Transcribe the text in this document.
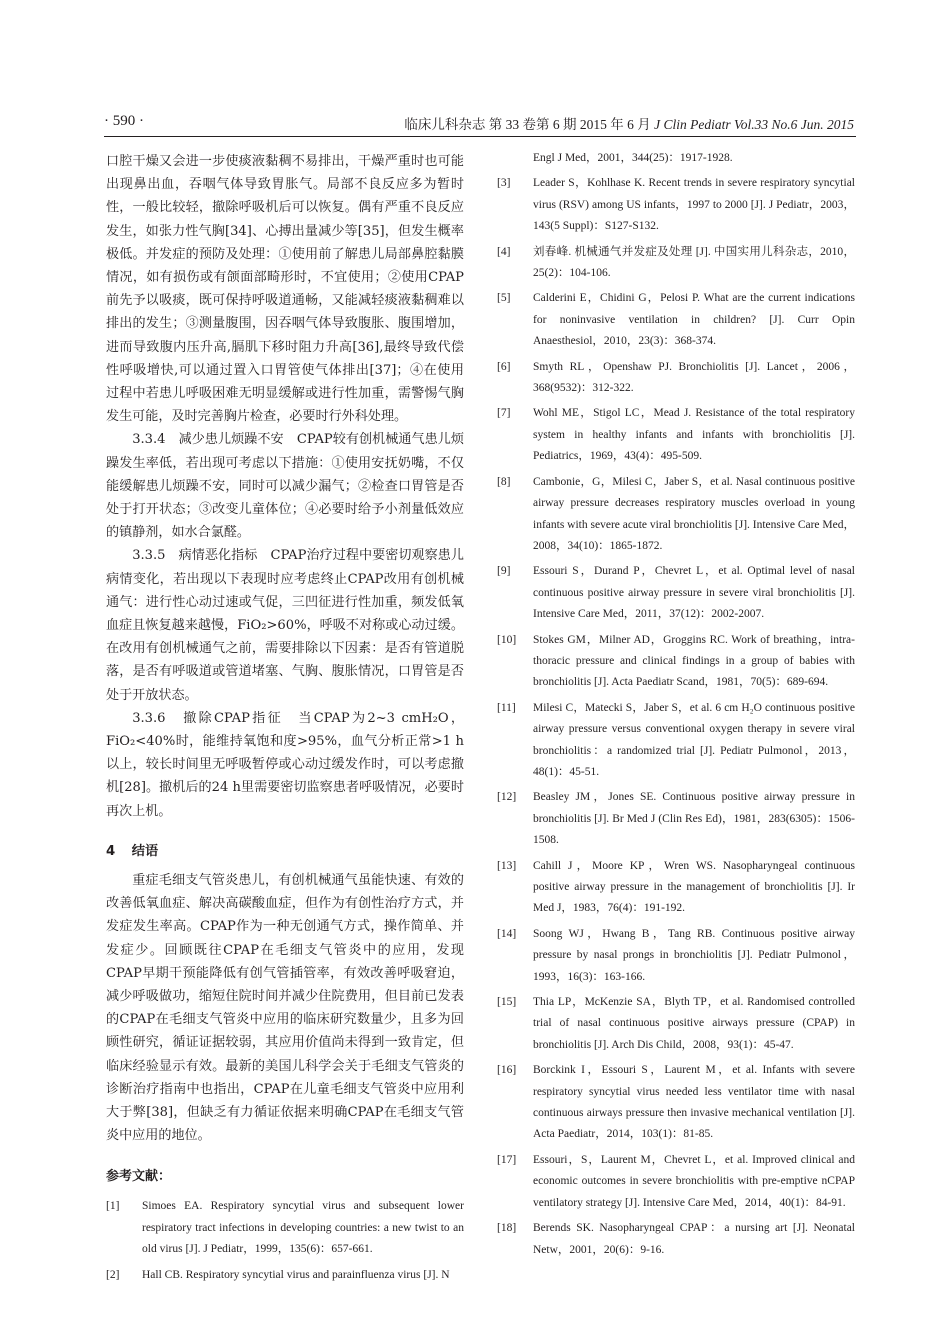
· 590 ·	临床儿科杂志 第 33 卷第 6 期 2015 年 6 月 J Clin Pediatr Vol.33 No.6 Jun. 2015

口腔干燥又会进一步使痰液黏稠不易排出，干燥严重时也可能出现鼻出血，吞咽气体导致胃胀气。局部不良反应多为暂时性，一般比较轻，撤除呼吸机后可以恢复。偶有严重不良反应发生，如张力性气胸[34]、心搏出量减少等[35]，但发生概率极低。并发症的预防及处理：①使用前了解患儿局部鼻腔黏膜情况，如有损伤或有颌面部畸形时，不宜使用；②使用CPAP前先予以吸痰，既可保持呼吸道通畅，又能减轻痰液黏稠难以排出的发生；③测量腹围，因吞咽气体导致腹胀、腹围增加，进而导致腹内压升高,膈肌下移时阻力升高[36],最终导致代偿性呼吸增快,可以通过置入口胃管使气体排出[37]；④在使用过程中若患儿呼吸困难无明显缓解或进行性加重，需警惕气胸发生可能，及时完善胸片检查，必要时行外科处理。

3.3.4　减少患儿烦躁不安　CPAP较有创机械通气患儿烦躁发生率低，若出现可考虑以下措施：①使用安抚奶嘴，不仅能缓解患儿烦躁不安，同时可以减少漏气；②检查口胃管是否处于打开状态；③改变儿童体位；④必要时给予小剂量低效应的镇静剂，如水合氯醛。

3.3.5　病情恶化指标　CPAP治疗过程中要密切观察患儿病情变化，若出现以下表现时应考虑终止CPAP改用有创机械通气：进行性心动过速或气促，三凹征进行性加重，频发低氧血症且恢复越来越慢，FiO₂>60%，呼吸不对称或心动过缓。在改用有创机械通气之前，需要排除以下因素：是否有管道脱落，是否有呼吸道或管道堵塞、气胸、腹胀情况，口胃管是否处于开放状态。

3.3.6　撤除CPAP指征　当CPAP为2~3 cmH₂O，FiO₂<40%时，能维持氧饱和度>95%，血气分析正常>1 h以上，较长时间里无呼吸暂停或心动过缓发作时，可以考虑撤机[28]。撤机后的24 h里需要密切监察患者呼吸情况，必要时再次上机。

4 结语

重症毛细支气管炎患儿，有创机械通气虽能快速、有效的改善低氧血症、解决高碳酸血症，但作为有创性治疗方式，并发症发生率高。CPAP作为一种无创通气方式，操作简单、并发症少。回顾既往CPAP在毛细支气管炎中的应用，发现CPAP早期干预能降低有创气管插管率，有效改善呼吸窘迫，减少呼吸做功，缩短住院时间并减少住院费用，但目前已发表的CPAP在毛细支气管炎中应用的临床研究数量少，且多为回顾性研究，循证证据较弱，其应用价值尚未得到一致肯定，但临床经验显示有效。最新的美国儿科学会关于毛细支气管炎的诊断治疗指南中也指出，CPAP在儿童毛细支气管炎中应用利大于弊[38]，但缺乏有力循证依据来明确CPAP在毛细支气管炎中应用的地位。

参考文献：
[1]	Simoes EA. Respiratory syncytial virus and subsequent lower respiratory tract infections in developing countries: a new twist to an old virus [J]. J Pediatr，1999，135(6)：657-661.
[2]	Hall CB. Respiratory syncytial virus and parainfluenza virus [J]. N
Engl J Med，2001，344(25)：1917-1928.
[3]	Leader S，Kohlhase K. Recent trends in severe respiratory syncytial virus (RSV) among US infants，1997 to 2000 [J]. J Pediatr，2003，143(5 Suppl)：S127-S132.
[4]	刘春峰. 机械通气并发症及处理 [J]. 中国实用儿科杂志，2010，25(2)：104-106.
[5]	Calderini E，Chidini G，Pelosi P. What are the current indications for noninvasive ventilation in children? [J]. Curr Opin Anaesthesiol，2010，23(3)：368-374.
[6]	Smyth RL，Openshaw PJ. Bronchiolitis [J]. Lancet，2006，368(9532)：312-322.
[7]	Wohl ME，Stigol LC，Mead J. Resistance of the total respiratory system in healthy infants and infants with bronchiolitis [J]. Pediatrics，1969，43(4)：495-509.
[8]	Cambonie，G，Milesi C，Jaber S，et al. Nasal continuous positive airway pressure decreases respiratory muscles overload in young infants with severe acute viral bronchiolitis [J]. Intensive Care Med，2008，34(10)：1865-1872.
[9]	Essouri S，Durand P，Chevret L，et al. Optimal level of nasal continuous positive airway pressure in severe viral bronchiolitis [J]. Intensive Care Med，2011，37(12)：2002-2007.
[10]	Stokes GM，Milner AD，Groggins RC. Work of breathing，intra-thoracic pressure and clinical findings in a group of babies with bronchiolitis [J]. Acta Paediatr Scand，1981，70(5)：689-694.
[11]	Milesi C，Matecki S，Jaber S，et al. 6 cm H₂O continuous positive airway pressure versus conventional oxygen therapy in severe viral bronchiolitis：a randomized trial [J]. Pediatr Pulmonol，2013，48(1)：45-51.
[12]	Beasley JM，Jones SE. Continuous positive airway pressure in bronchiolitis [J]. Br Med J (Clin Res Ed)，1981，283(6305)：1506-1508.
[13]	Cahill J，Moore KP，Wren WS. Nasopharyngeal continuous positive airway pressure in the management of bronchiolitis [J]. Ir Med J，1983，76(4)：191-192.
[14]	Soong WJ，Hwang B，Tang RB. Continuous positive airway pressure by nasal prongs in bronchiolitis [J]. Pediatr Pulmonol，1993，16(3)：163-166.
[15]	Thia LP，McKenzie SA，Blyth TP，et al. Randomised controlled trial of nasal continuous positive airways pressure (CPAP) in bronchiolitis [J]. Arch Dis Child，2008，93(1)：45-47.
[16]	Borckink I，Essouri S，Laurent M，et al. Infants with severe respiratory syncytial virus needed less ventilator time with nasal continuous airways pressure then invasive mechanical ventilation [J]. Acta Paediatr，2014，103(1)：81-85.
[17]	Essouri，S，Laurent M，Chevret L，et al. Improved clinical and economic outcomes in severe bronchiolitis with pre-emptive nCPAP ventilatory strategy [J]. Intensive Care Med，2014，40(1)：84-91.
[18]	Berends SK. Nasopharyngeal CPAP：a nursing art [J]. Neonatal Netw，2001，20(6)：9-16.
